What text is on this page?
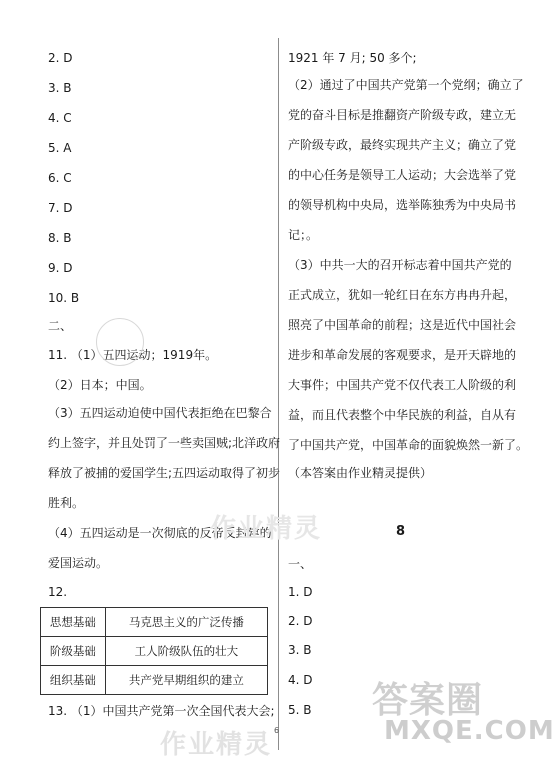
2. D
3. B
4. C
5. A
6. C
7. D
8. B
9. D
10. B
二、
11. （1）五四运动；1919年。
（2）日本；中国。
（3）五四运动迫使中国代表拒绝在巴黎合
约上签字，并且处罚了一些卖国贼;北洋政府
释放了被捕的爱国学生;五四运动取得了初步
胜利。
（4）五四运动是一次彻底的反帝反封建的
爱国运动。
12.
思想基础	马克思主义的广泛传播
阶级基础	工人阶级队伍的壮大
组织基础	共产党早期组织的建立
13. （1）中国共产党第一次全国代表大会;
1921 年 7 月; 50 多个;
（2）通过了中国共产党第一个党纲；确立了
党的奋斗目标是推翻资产阶级专政，建立无
产阶级专政，最终实现共产主义；确立了党
的中心任务是领导工人运动；大会选举了党
的领导机构中央局，选举陈独秀为中央局书
记；。
（3）中共一大的召开标志着中国共产党的
正式成立，犹如一轮红日在东方冉冉升起，
照亮了中国革命的前程；这是近代中国社会
进步和革命发展的客观要求，是开天辟地的
大事件；中国共产党不仅代表工人阶级的利
益，而且代表整个中华民族的利益，自从有
了中国共产党，中国革命的面貌焕然一新了。
（本答案由作业精灵提供）
一、
1. D
2. D
3. B
4. D
5. B
8
6
作业精灵
作业精灵
答案圈
MXQE.COM
